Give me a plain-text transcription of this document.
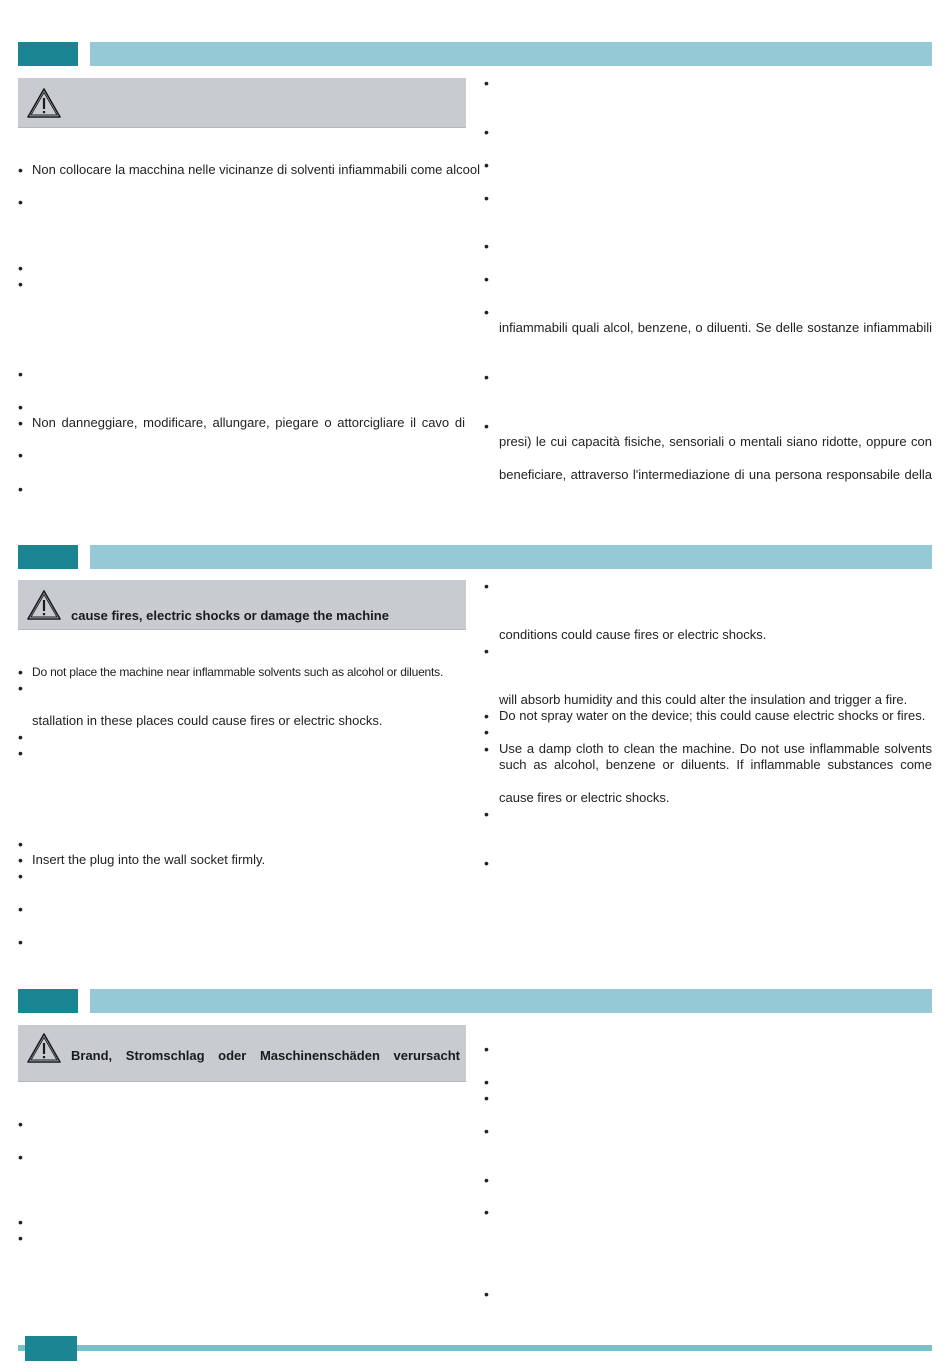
• Non collocare la macchina nelle vicinanze di solventi infiammabili come alcool
•
•
•
•
•
• Non danneggiare, modificare, allungare, piegare o attorcigliare il cavo di
•
•
•
•
•
•
•
•
•
infiammabili quali alcol, benzene, o diluenti. Se delle sostanze infiammabili
•
•
presi) le cui capacità fisiche, sensoriali o mentali siano ridotte, oppure con
beneficiare, attraverso l'intermediazione di una persona responsabile della
cause fires, electric shocks or damage the machine
• Do not place the machine near inflammable solvents such as alcohol or diluents.
•
stallation in these places could cause fires or electric shocks.
•
•
•
• Insert the plug into the wall socket firmly.
•
•
•
•
conditions could cause fires or electric shocks.
•
will absorb humidity and this could alter the insulation and trigger a fire.
• Do not spray water on the device; this could cause electric shocks or fires.
•
• Use a damp cloth to clean the machine. Do not use inflammable solvents
such as alcohol, benzene or diluents. If inflammable substances come
cause fires or electric shocks.
•
•
Brand, Stromschlag oder Maschinenschäden verursacht
•
•
•
•
•
•
•
•
•
•
•
